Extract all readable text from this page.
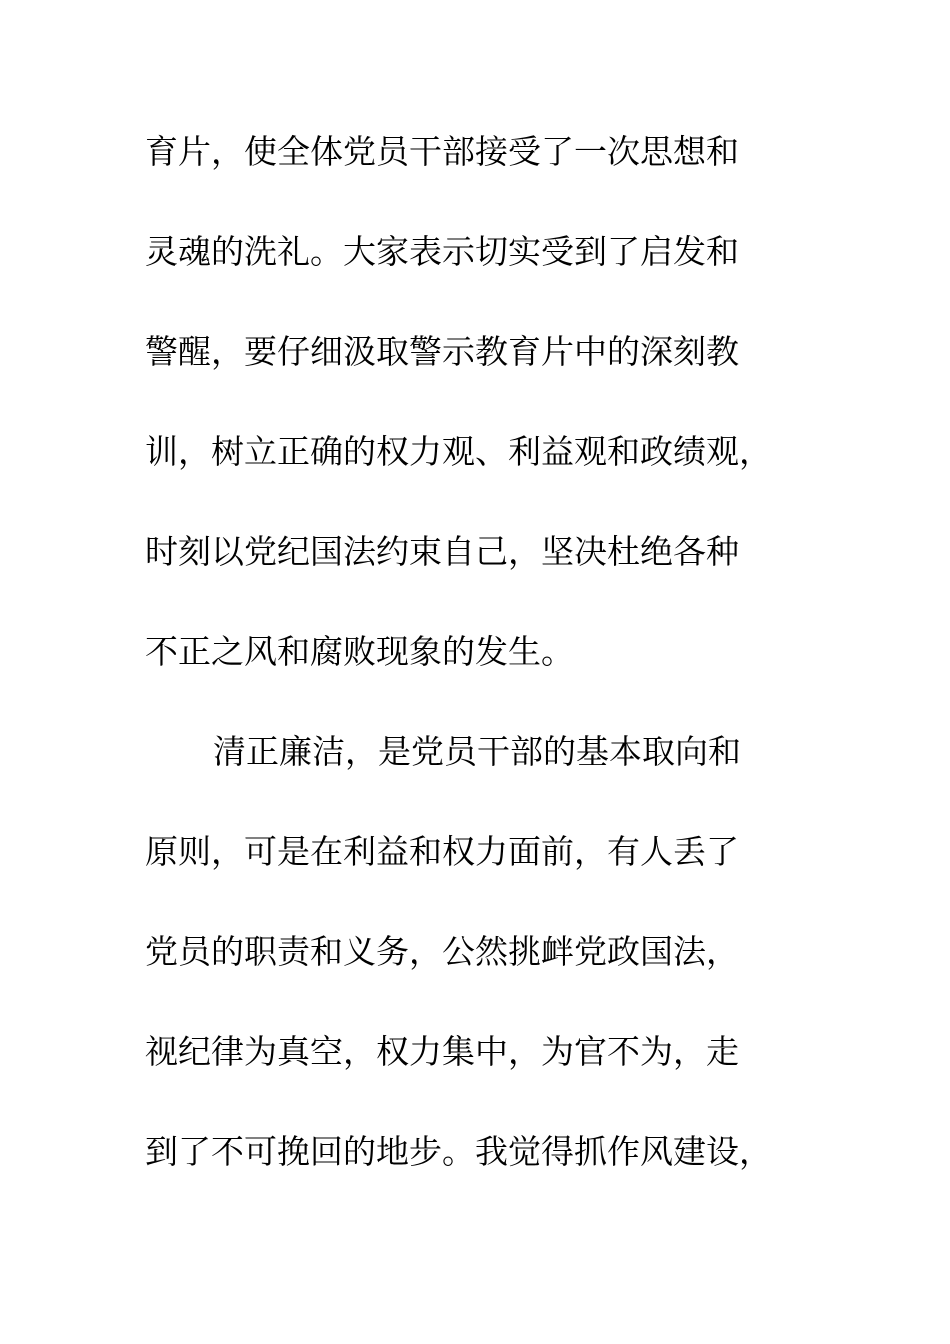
育片，使全体党员干部接受了一次思想和
灵魂的洗礼。大家表示切实受到了启发和
警醒，要仔细汲取警示教育片中的深刻教
训，树立正确的权力观、利益观和政绩观，
时刻以党纪国法约束自己，坚决杜绝各种
不正之风和腐败现象的发生。
清正廉洁，是党员干部的基本取向和
原则，可是在利益和权力面前，有人丢了
党员的职责和义务，公然挑衅党政国法，
视纪律为真空，权力集中，为官不为，走
到了不可挽回的地步。我觉得抓作风建设，
